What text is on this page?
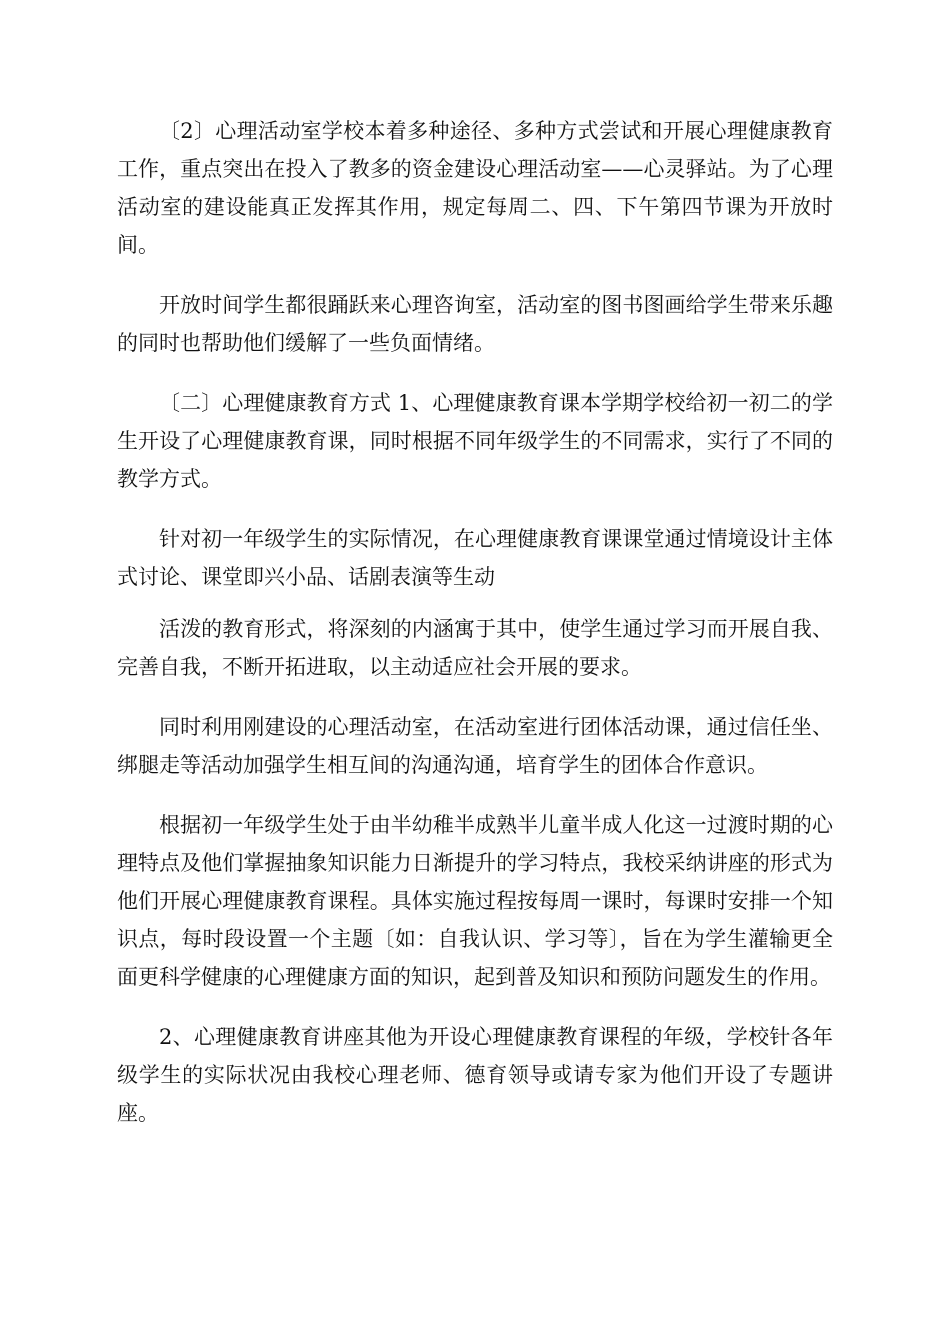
〔2〕心理活动室学校本着多种途径、多种方式尝试和开展心理健康教育工作，重点突出在投入了教多的资金建设心理活动室——心灵驿站。为了心理活动室的建设能真正发挥其作用，规定每周二、四、下午第四节课为开放时间。

开放时间学生都很踊跃来心理咨询室，活动室的图书图画给学生带来乐趣的同时也帮助他们缓解了一些负面情绪。

〔二〕心理健康教育方式 1、心理健康教育课本学期学校给初一初二的学生开设了心理健康教育课，同时根据不同年级学生的不同需求，实行了不同的教学方式。

针对初一年级学生的实际情况，在心理健康教育课课堂通过情境设计主体式讨论、课堂即兴小品、话剧表演等生动

活泼的教育形式，将深刻的内涵寓于其中，使学生通过学习而开展自我、完善自我，不断开拓进取，以主动适应社会开展的要求。

同时利用刚建设的心理活动室，在活动室进行团体活动课，通过信任坐、绑腿走等活动加强学生相互间的沟通沟通，培育学生的团体合作意识。

根据初一年级学生处于由半幼稚半成熟半儿童半成人化这一过渡时期的心理特点及他们掌握抽象知识能力日渐提升的学习特点，我校采纳讲座的形式为他们开展心理健康教育课程。具体实施过程按每周一课时，每课时安排一个知识点，每时段设置一个主题〔如：自我认识、学习等〕，旨在为学生灌输更全面更科学健康的心理健康方面的知识，起到普及知识和预防问题发生的作用。

2、心理健康教育讲座其他为开设心理健康教育课程的年级，学校针各年级学生的实际状况由我校心理老师、德育领导或请专家为他们开设了专题讲座。
